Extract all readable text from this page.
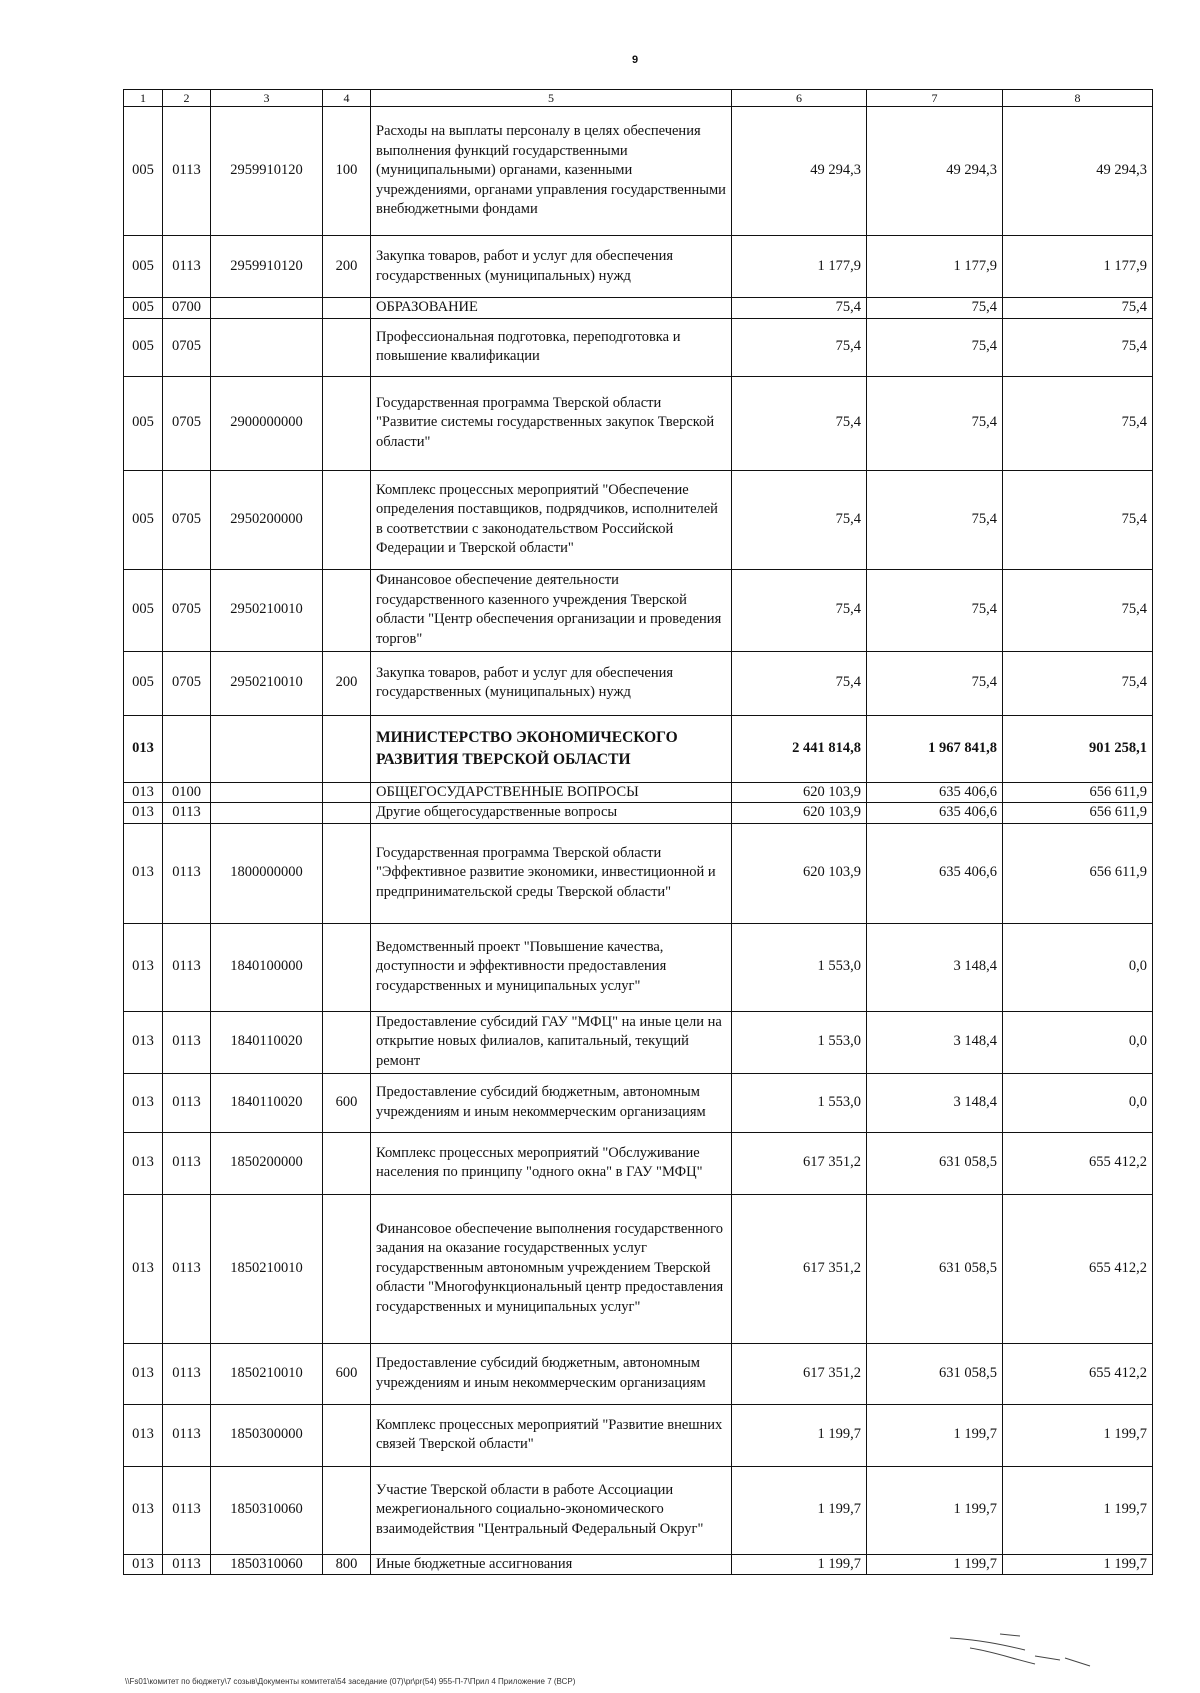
9
1	2	3	4	5	6	7	8
005	0113	2959910120	100	Расходы на выплаты персоналу в целях обеспечения выполнения функций государственными (муниципальными) органами, казенными учреждениями, органами управления государственными внебюджетными фондами	49 294,3	49 294,3	49 294,3
005	0113	2959910120	200	Закупка товаров, работ и услуг для обеспечения государственных (муниципальных) нужд	1 177,9	1 177,9	1 177,9
005	0700			ОБРАЗОВАНИЕ	75,4	75,4	75,4
005	0705			Профессиональная подготовка, переподготовка и повышение квалификации	75,4	75,4	75,4
005	0705	2900000000		Государственная программа Тверской области "Развитие системы государственных закупок Тверской области"	75,4	75,4	75,4
005	0705	2950200000		Комплекс процессных мероприятий "Обеспечение определения поставщиков, подрядчиков, исполнителей в соответствии с законодательством Российской Федерации и Тверской области"	75,4	75,4	75,4
005	0705	2950210010		Финансовое обеспечение деятельности государственного казенного учреждения Тверской области "Центр обеспечения организации и проведения торгов"	75,4	75,4	75,4
005	0705	2950210010	200	Закупка товаров, работ и услуг для обеспечения государственных (муниципальных) нужд	75,4	75,4	75,4
013				МИНИСТЕРСТВО ЭКОНОМИЧЕСКОГО РАЗВИТИЯ ТВЕРСКОЙ ОБЛАСТИ	2 441 814,8	1 967 841,8	901 258,1
013	0100			ОБЩЕГОСУДАРСТВЕННЫЕ ВОПРОСЫ	620 103,9	635 406,6	656 611,9
013	0113			Другие общегосударственные вопросы	620 103,9	635 406,6	656 611,9
013	0113	1800000000		Государственная программа Тверской области "Эффективное развитие экономики, инвестиционной и предпринимательской среды Тверской области"	620 103,9	635 406,6	656 611,9
013	0113	1840100000		Ведомственный проект "Повышение качества, доступности и эффективности предоставления государственных и муниципальных услуг"	1 553,0	3 148,4	0,0
013	0113	1840110020		Предоставление субсидий ГАУ "МФЦ" на иные цели на открытие новых филиалов, капитальный, текущий ремонт	1 553,0	3 148,4	0,0
013	0113	1840110020	600	Предоставление субсидий бюджетным, автономным учреждениям и иным некоммерческим организациям	1 553,0	3 148,4	0,0
013	0113	1850200000		Комплекс процессных мероприятий "Обслуживание населения по принципу "одного окна" в ГАУ "МФЦ"	617 351,2	631 058,5	655 412,2
013	0113	1850210010		Финансовое обеспечение выполнения государственного задания на оказание государственных услуг государственным автономным учреждением Тверской области "Многофункциональный центр предоставления государственных и муниципальных услуг"	617 351,2	631 058,5	655 412,2
013	0113	1850210010	600	Предоставление субсидий бюджетным, автономным учреждениям и иным некоммерческим организациям	617 351,2	631 058,5	655 412,2
013	0113	1850300000		Комплекс процессных мероприятий "Развитие внешних связей Тверской области"	1 199,7	1 199,7	1 199,7
013	0113	1850310060		Участие Тверской области в работе Ассоциации межрегионального социально-экономического взаимодействия "Центральный Федеральный Округ"	1 199,7	1 199,7	1 199,7
013	0113	1850310060	800	Иные бюджетные ассигнования	1 199,7	1 199,7	1 199,7
\\Fs01\комитет по бюджету\7 созыв\Документы комитета\54 заседание (07)\pr\pr(54) 955-П-7\Прил 4 Приложение 7 (ВСР)
